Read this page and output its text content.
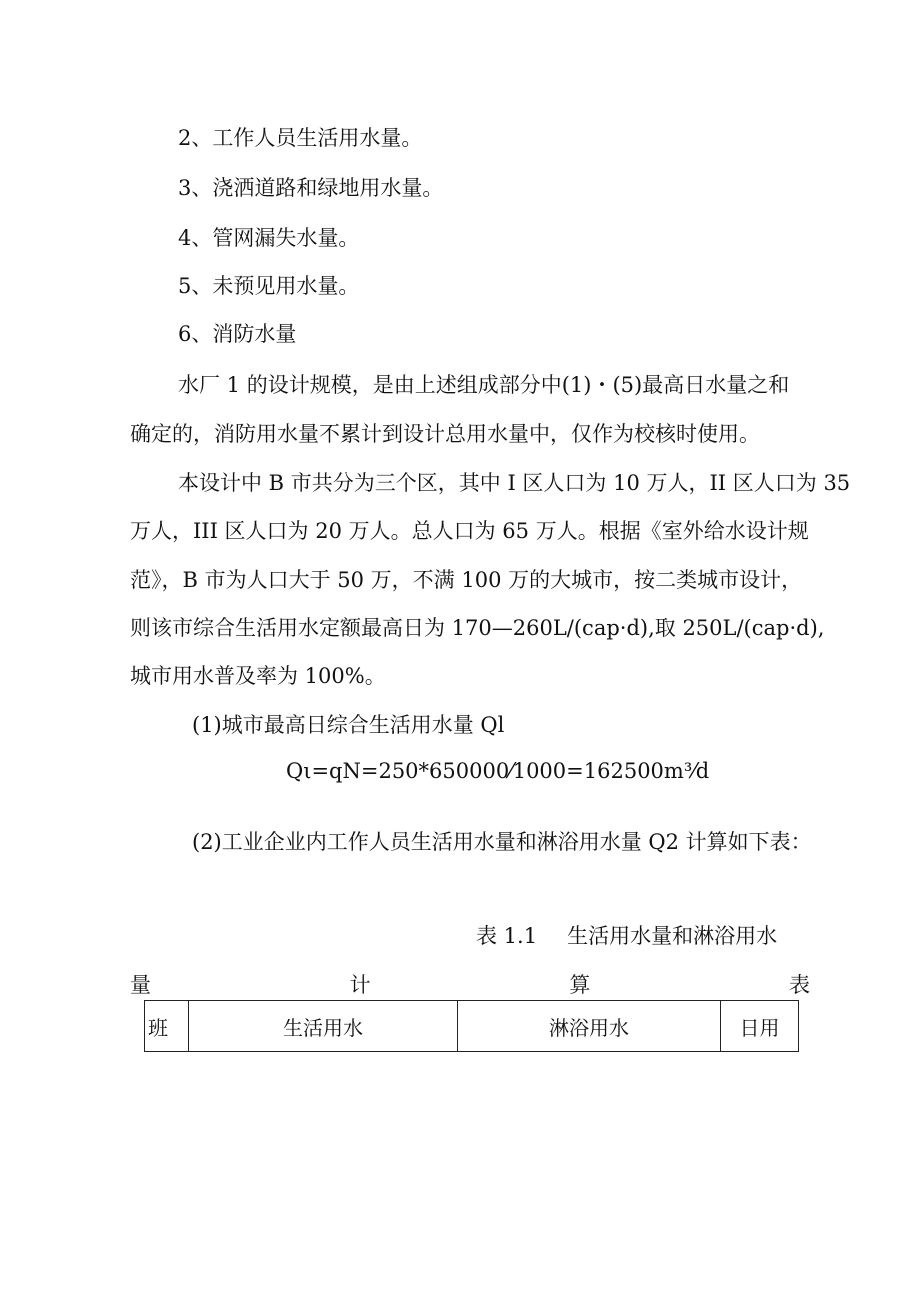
2、工作人员生活用水量。
3、浇洒道路和绿地用水量。
4、管网漏失水量。
5、未预见用水量。
6、消防水量
水厂 1 的设计规模，是由上述组成部分中(1)・(5)最高日水量之和
确定的，消防用水量不累计到设计总用水量中，仅作为校核时使用。
本设计中 B 市共分为三个区，其中 I 区人口为 10 万人，II 区人口为 35
万人，III 区人口为 20 万人。总人口为 65 万人。根据《室外给水设计规
范》，B 市为人口大于 50 万，不满 100 万的大城市，按二类城市设计，
则该市综合生活用水定额最高日为 170—260L/(cap·d),取 250L/(cap·d),
城市用水普及率为 100%。
(1)城市最高日综合生活用水量 Ql
Qι=qN=250*650000⁄1000=162500m³⁄d
(2)工业企业内工作人员生活用水量和淋浴用水量 Q2 计算如下表：
表 1.1 生活用水量和淋浴用水
量	计	算	表
班	生活用水	淋浴用水	日用
